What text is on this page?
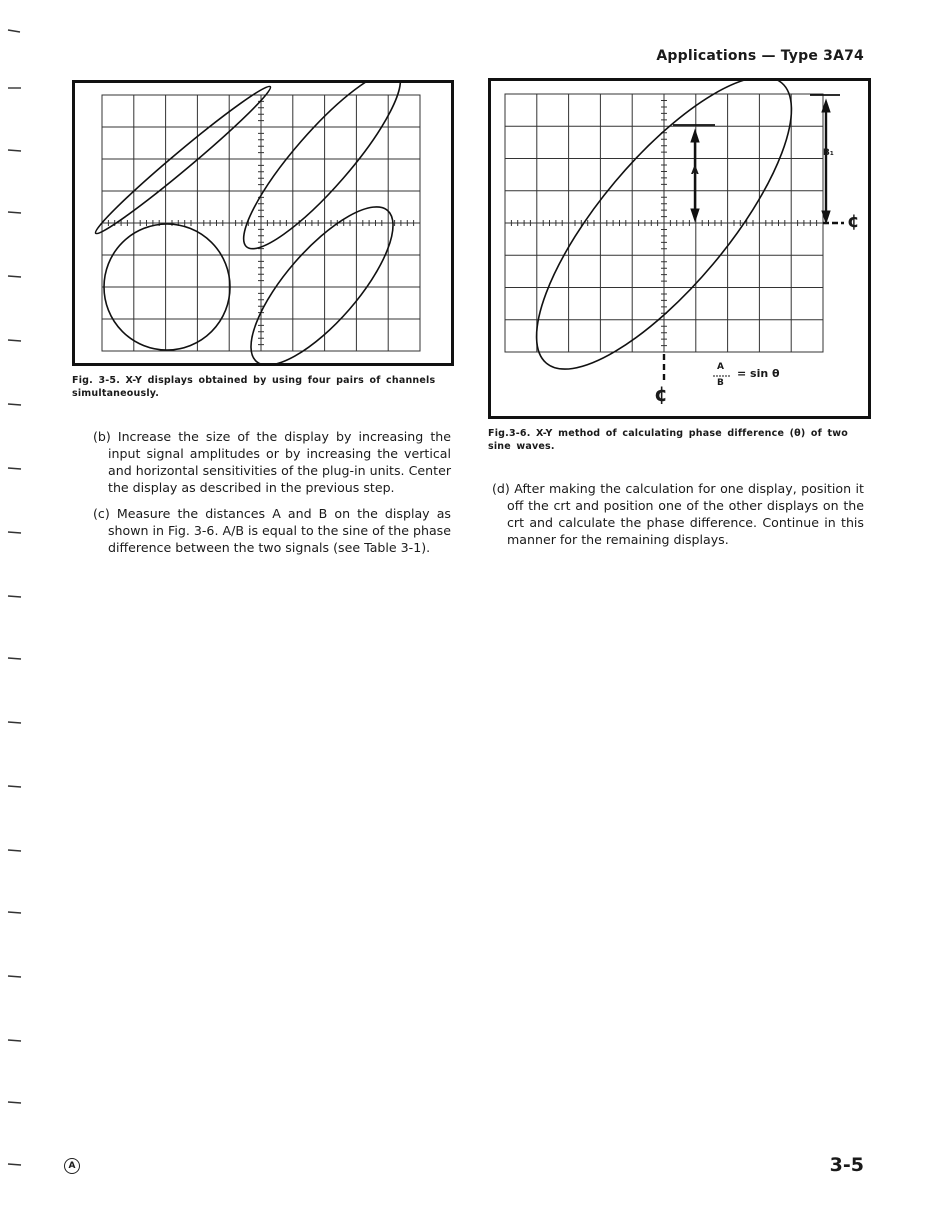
Applications — Type 3A74
Fig. 3-5. X-Y displays obtained by using four pairs of channels simultaneously.
A
B₁
¢
¢
A
B
= sin θ
Fig.3-6. X-Y method of calculating phase difference (θ) of two sine waves.

(b) Increase the size of the display by increasing the input signal amplitudes or by increasing the vertical and horizontal sensitivities of the plug-in units. Center the display as described in the previous step.

(c) Measure the distances A and B on the display as shown in Fig. 3-6. A/B is equal to the sine of the phase difference between the two signals (see Table 3-1).

(d) After making the calculation for one display, position it off the crt and position one of the other displays on the crt and calculate the phase difference. Continue in this manner for the remaining displays.

A	3-5
